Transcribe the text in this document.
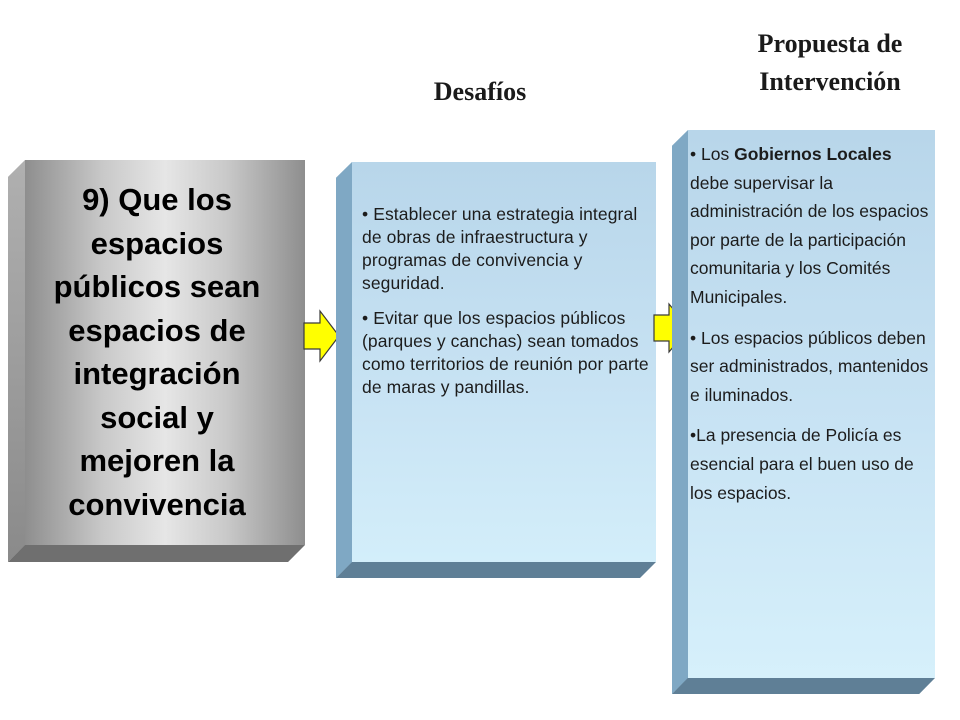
Desafíos
Propuesta de
Intervención
9) Que los
espacios
públicos sean
espacios de
integración
social y
mejoren la
convivencia
• Establecer una estrategia integral de obras de infraestructura y programas de convivencia y seguridad.
• Evitar que los espacios públicos (parques y canchas) sean tomados como territorios de reunión por parte de maras y pandillas.
• Los Gobiernos Locales debe supervisar la administración de los espacios por parte de la participación comunitaria y los Comités Municipales.
• Los espacios públicos deben ser administrados, mantenidos e iluminados.
•La presencia de Policía es esencial para el buen uso de los espacios.
